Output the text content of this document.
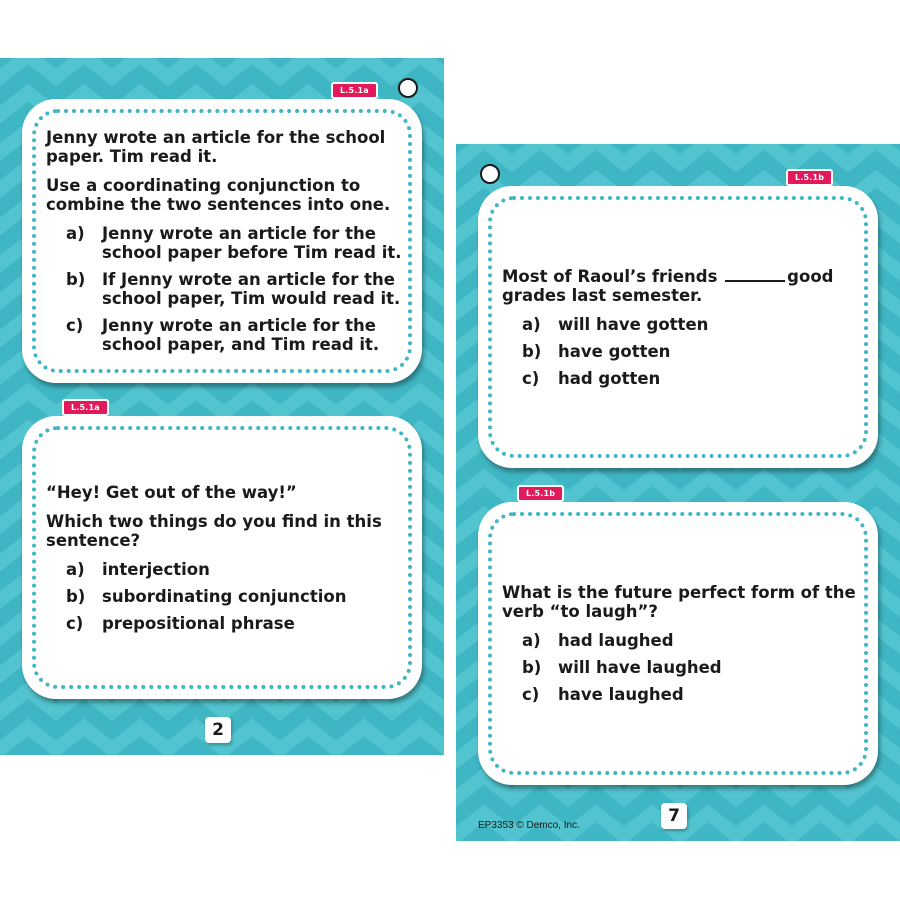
L.5.1a

Jenny wrote an article for the school paper. Tim read it.

Use a coordinating conjunction to combine the two sentences into one.

a)	Jenny wrote an article for the school paper before Tim read it.
b)	If Jenny wrote an article for the school paper, Tim would read it.
c)	Jenny wrote an article for the school paper, and Tim read it.
L.5.1a

“Hey! Get out of the way!”

Which two things do you find in this sentence?

a)	interjection
b)	subordinating conjunction
c)	prepositional phrase
2
L.5.1b

Most of Raoul’s friends	good grades last semester.

a)	will have gotten
b)	have gotten
c)	had gotten
L.5.1b

What is the future perfect form of the verb “to laugh”?

a)	had laughed
b)	will have laughed
c)	have laughed
EP3353 © Demco, Inc.	7
